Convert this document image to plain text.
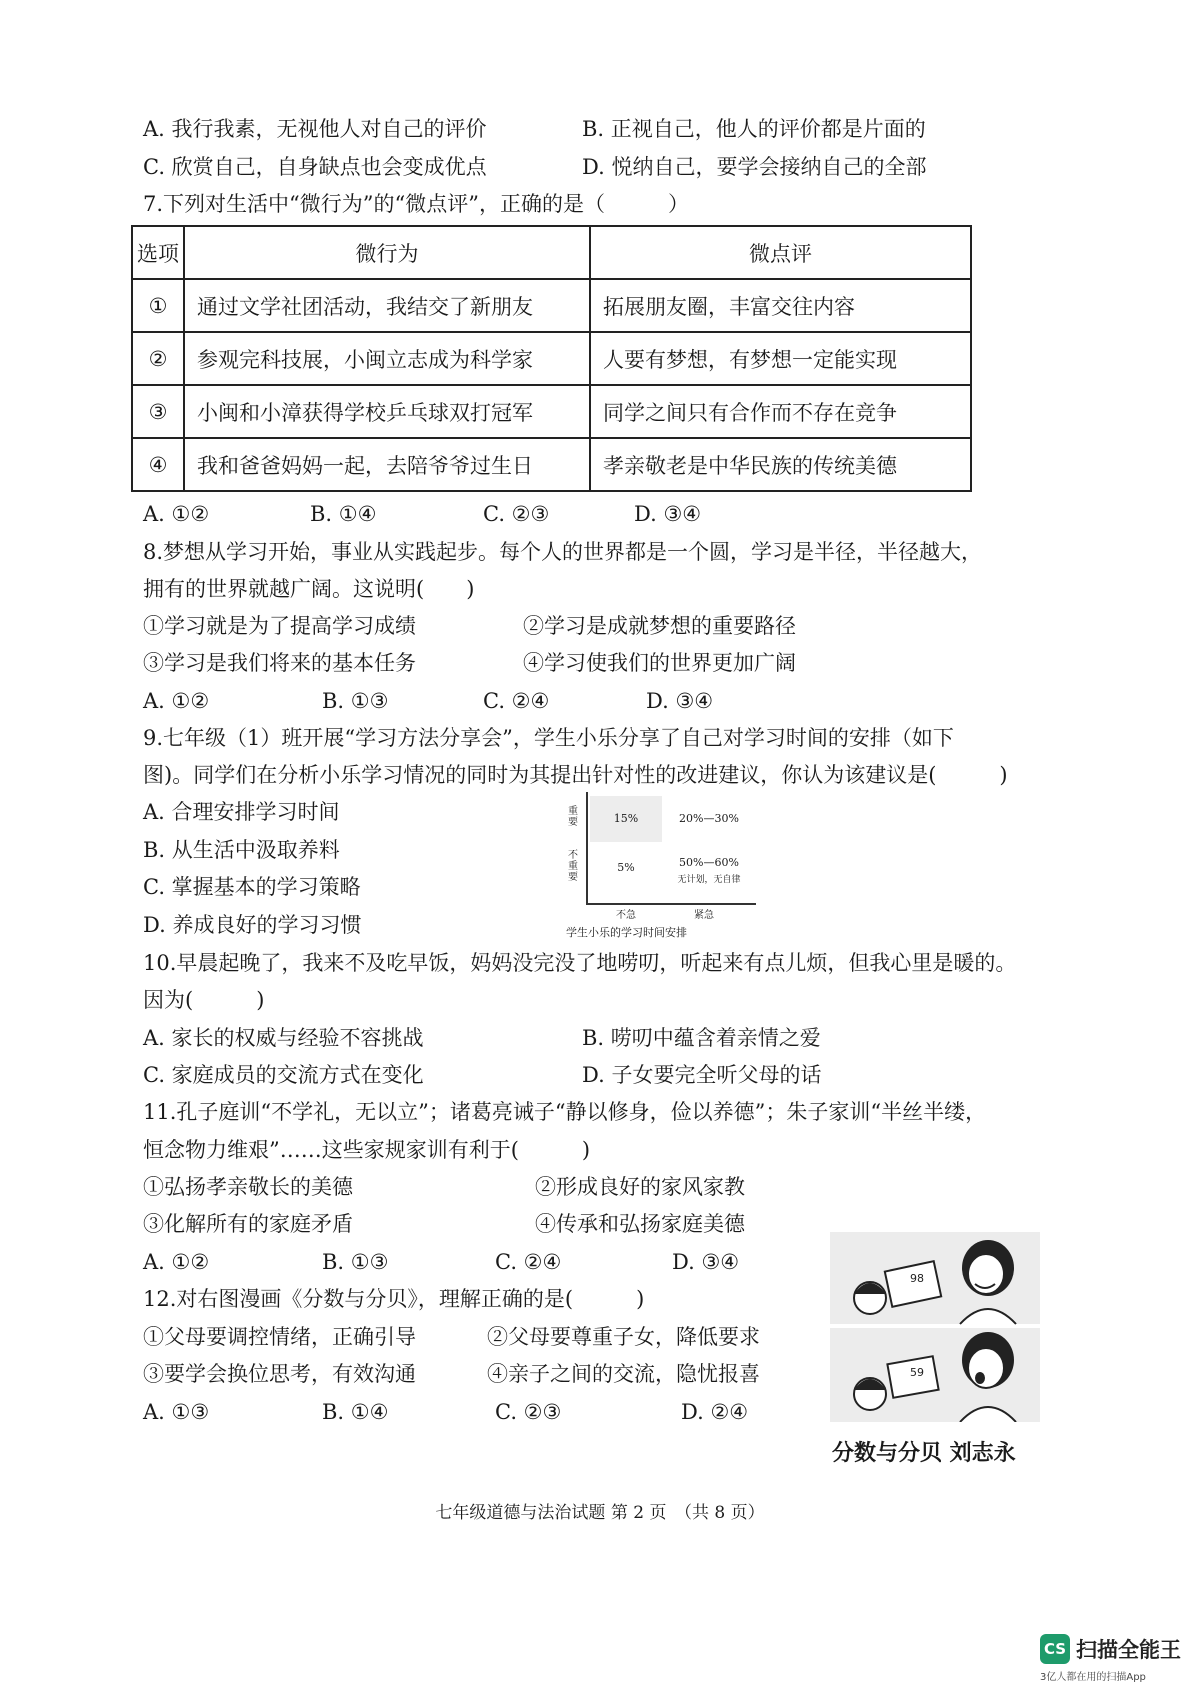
A. 我行我素，无视他人对自己的评价	B. 正视自己，他人的评价都是片面的
C. 欣赏自己，自身缺点也会变成优点	D. 悦纳自己，要学会接纳自己的全部
7.下列对生活中“微行为”的“微点评”，正确的是（　　　）
选项	微行为	微点评
①	通过文学社团活动，我结交了新朋友	拓展朋友圈，丰富交往内容
②	参观完科技展，小闽立志成为科学家	人要有梦想，有梦想一定能实现
③	小闽和小漳获得学校乒乓球双打冠军	同学之间只有合作而不存在竞争
④	我和爸爸妈妈一起，去陪爷爷过生日	孝亲敬老是中华民族的传统美德
A. ①②	B. ①④	C. ②③	D. ③④
8.梦想从学习开始，事业从实践起步。每个人的世界都是一个圆，学习是半径，半径越大，
拥有的世界就越广阔。这说明(　　)
①学习就是为了提高学习成绩	②学习是成就梦想的重要路径
③学习是我们将来的基本任务	④学习使我们的世界更加广阔
A. ①②	B. ①③	C. ②④	D. ③④
9.七年级（1）班开展“学习方法分享会”，学生小乐分享了自己对学习时间的安排（如下
图)。同学们在分析小乐学习情况的同时为其提出针对性的改进建议，你认为该建议是(　　　)
A. 合理安排学习时间
B. 从生活中汲取养料
C. 掌握基本的学习策略
D. 养成良好的学习习惯
重要
不重要
15%	20%—30%
5%	50%—60%
无计划，无自律
不急	紧急
学生小乐的学习时间安排
10.早晨起晚了，我来不及吃早饭，妈妈没完没了地唠叨，听起来有点儿烦，但我心里是暖的。
因为(　　　)
A. 家长的权威与经验不容挑战	B. 唠叨中蕴含着亲情之爱
C. 家庭成员的交流方式在变化	D. 子女要完全听父母的话
11.孔子庭训“不学礼，无以立”；诸葛亮诫子“静以修身，俭以养德”；朱子家训“半丝半缕，
恒念物力维艰”……这些家规家训有利于(　　　)
①弘扬孝亲敬长的美德	②形成良好的家风家教
③化解所有的家庭矛盾	④传承和弘扬家庭美德
A. ①②	B. ①③	C. ②④	D. ③④
12.对右图漫画《分数与分贝》，理解正确的是(　　　)
①父母要调控情绪，正确引导	②父母要尊重子女，降低要求
③要学会换位思考，有效沟通	④亲子之间的交流，隐忧报喜
A. ①③	B. ①④	C. ②③	D. ②④
98
59
分数与分贝 刘志永
七年级道德与法治试题 第 2 页　（共 8 页）
CS 扫描全能王
3亿人都在用的扫描App
